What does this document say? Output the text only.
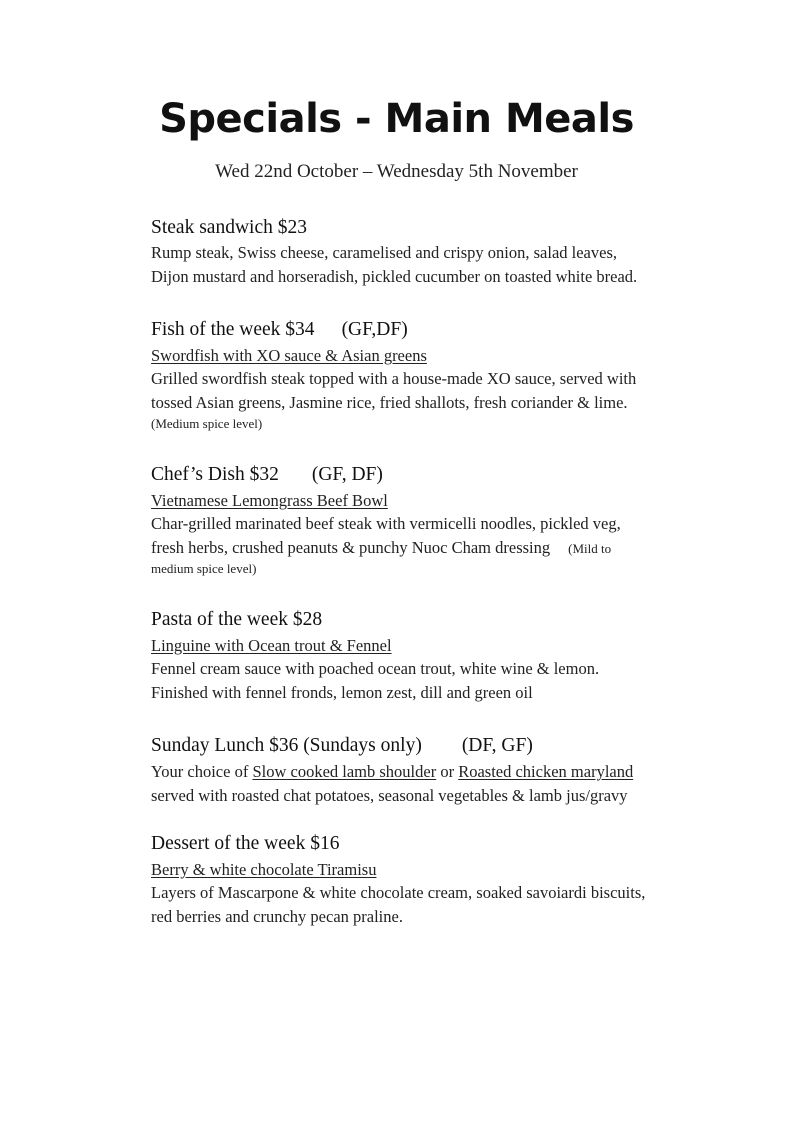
Specials - Main Meals

Wed 22nd October – Wednesday 5th November

Steak sandwich $23
Rump steak, Swiss cheese, caramelised and crispy onion, salad leaves,
Dijon mustard and horseradish, pickled cucumber on toasted white bread.
Fish of the week $34 (GF,DF)
Swordfish with XO sauce & Asian greens
Grilled swordfish steak topped with a house-made XO sauce, served with
tossed Asian greens, Jasmine rice, fried shallots, fresh coriander & lime.
(Medium spice level)
Chef’s Dish $32 (GF, DF)
Vietnamese Lemongrass Beef Bowl
Char-grilled marinated beef steak with vermicelli noodles, pickled veg,
fresh herbs, crushed peanuts & punchy Nuoc Cham dressing (Mild to
medium spice level)
Pasta of the week $28
Linguine with Ocean trout & Fennel
Fennel cream sauce with poached ocean trout, white wine & lemon.
Finished with fennel fronds, lemon zest, dill and green oil
Sunday Lunch $36 (Sundays only) (DF, GF)
Your choice of Slow cooked lamb shoulder or Roasted chicken maryland
served with roasted chat potatoes, seasonal vegetables & lamb jus/gravy
Dessert of the week $16
Berry & white chocolate Tiramisu
Layers of Mascarpone & white chocolate cream, soaked savoiardi biscuits,
red berries and crunchy pecan praline.
